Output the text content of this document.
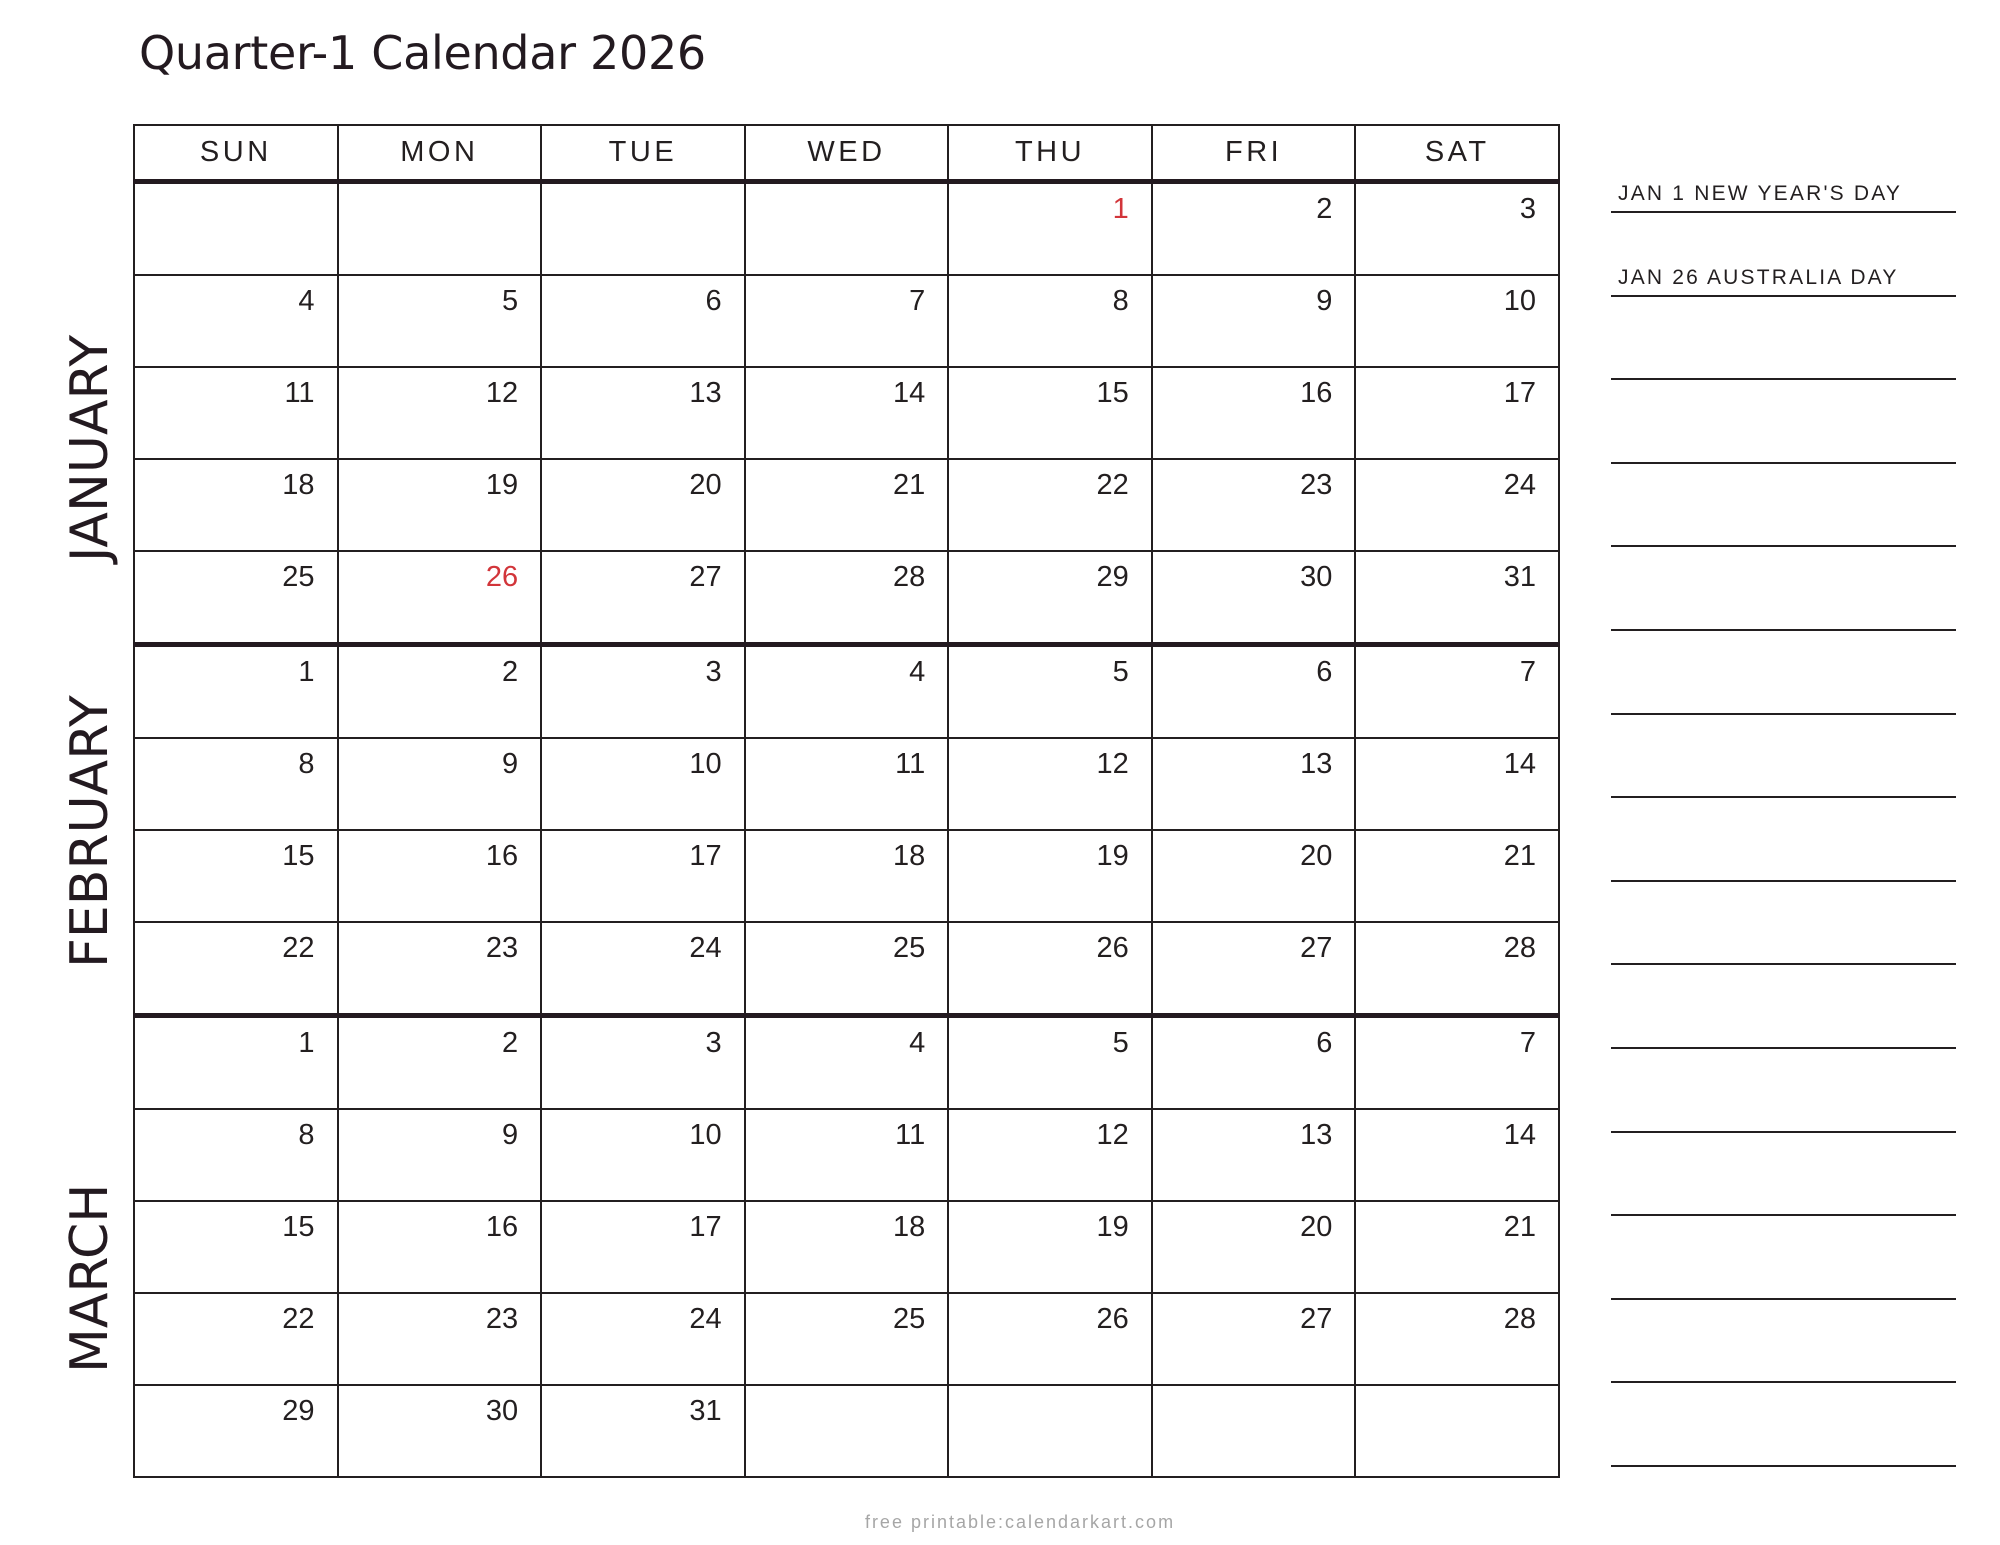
Quarter-1 Calendar 2026
SUN	MON	TUE	WED	THU	FRI	SAT

				1	2	3

4	5	6	7	8	9	10

11	12	13	14	15	16	17

18	19	20	21	22	23	24

25	26	27	28	29	30	31

1	2	3	4	5	6	7

8	9	10	11	12	13	14

15	16	17	18	19	20	21

22	23	24	25	26	27	28

1	2	3	4	5	6	7

8	9	10	11	12	13	14

15	16	17	18	19	20	21

22	23	24	25	26	27	28

29	30	31				

JANUARY
FEBRUARY
MARCH
JAN 1 NEW YEAR'S DAY
JAN 26 AUSTRALIA DAY
free printable:calendarkart.com
